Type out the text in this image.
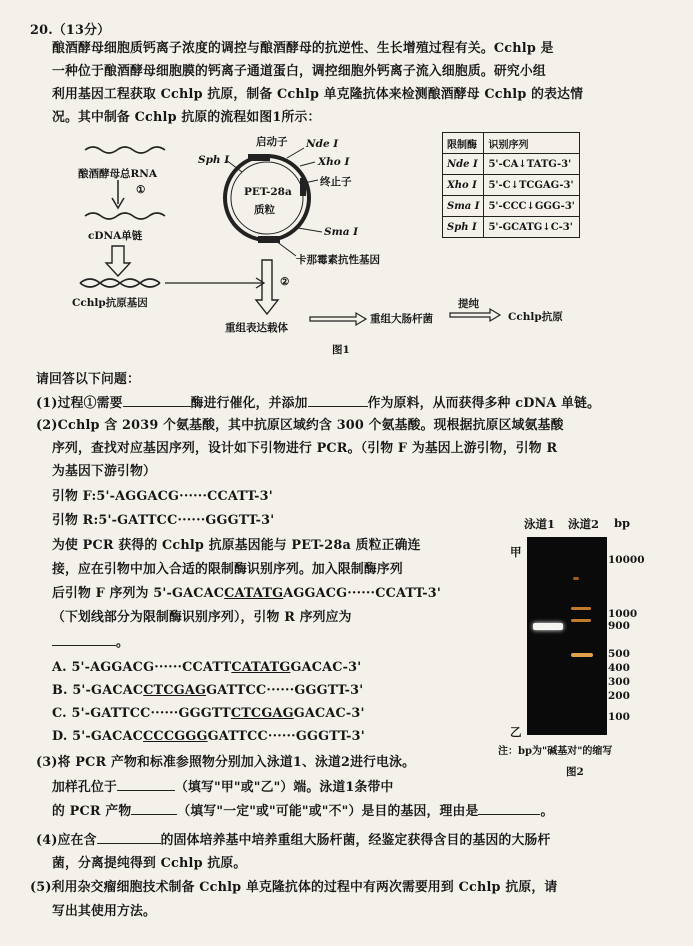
20.（13分）
酿酒酵母细胞质钙离子浓度的调控与酿酒酵母的抗逆性、生长增殖过程有关。Cchlp 是
一种位于酿酒酵母细胞膜的钙离子通道蛋白，调控细胞外钙离子流入细胞质。研究小组
利用基因工程获取 Cchlp 抗原，制备 Cchlp 单克隆抗体来检测酿酒酵母 Cchlp 的表达情
况。其中制备 Cchlp 抗原的流程如图1所示：
酿酒酵母总RNA
①
cDNA单链
Cchlp抗原基因
启动子 Nde Ⅰ
Xho Ⅰ
终止子
Sph Ⅰ
Sma Ⅰ
PET-28a
质粒
卡那霉素抗性基因
②
重组表达载体
重组大肠杆菌
提纯
Cchlp抗原
图1
限制酶	识别序列
Nde Ⅰ	5'-CA↓TATG-3'
Xho Ⅰ	5'-C↓TCGAG-3'
Sma Ⅰ	5'-CCC↓GGG-3'
Sph Ⅰ	5'-GCATG↓C-3'
请回答以下问题：
(1)过程①需要	酶进行催化，并添加	作为原料，从而获得多种 cDNA 单链。
(2)Cchlp 含 2039 个氨基酸，其中抗原区域约含 300 个氨基酸。现根据抗原区域氨基酸
序列，查找对应基因序列，设计如下引物进行 PCR。（引物 F 为基因上游引物，引物 R
为基因下游引物）
引物 F:5'-AGGACG······CCATT-3'
引物 R:5'-GATTCC······GGGTT-3'
为使 PCR 获得的 Cchlp 抗原基因能与 PET-28a 质粒正确连
接，应在引物中加入合适的限制酶识别序列。加入限制酶序列
后引物 F 序列为 5'-GACACCATATGAGGACG······CCATT-3'
（下划线部分为限制酶识别序列），引物 R 序列应为
。
A. 5'-AGGACG······CCATTCATATGGACAC-3'
B. 5'-GACACCTCGAGGATTCC······GGGTT-3'
C. 5'-GATTCC······GGGTTCTCGAGGACAC-3'
D. 5'-GACACCCCGGGGATTCC······GGGTT-3'
(3)将 PCR 产物和标准参照物分别加入泳道1、泳道2进行电泳。
加样孔位于	（填写"甲"或"乙"）端。泳道1条带中
的 PCR 产物	（填写"一定"或"可能"或"不"）是目的基因，理由是	。
(4)应在含	的固体培养基中培养重组大肠杆菌，经鉴定获得含目的基因的大肠杆
菌，分离提纯得到 Cchlp 抗原。
(5)利用杂交瘤细胞技术制备 Cchlp 单克隆抗体的过程中有两次需要用到 Cchlp 抗原，请
写出其使用方法。
泳道1 泳道2 bp
甲
乙
10000
1000
900
500
400
300
200
100
注：bp为"碱基对"的缩写
图2
